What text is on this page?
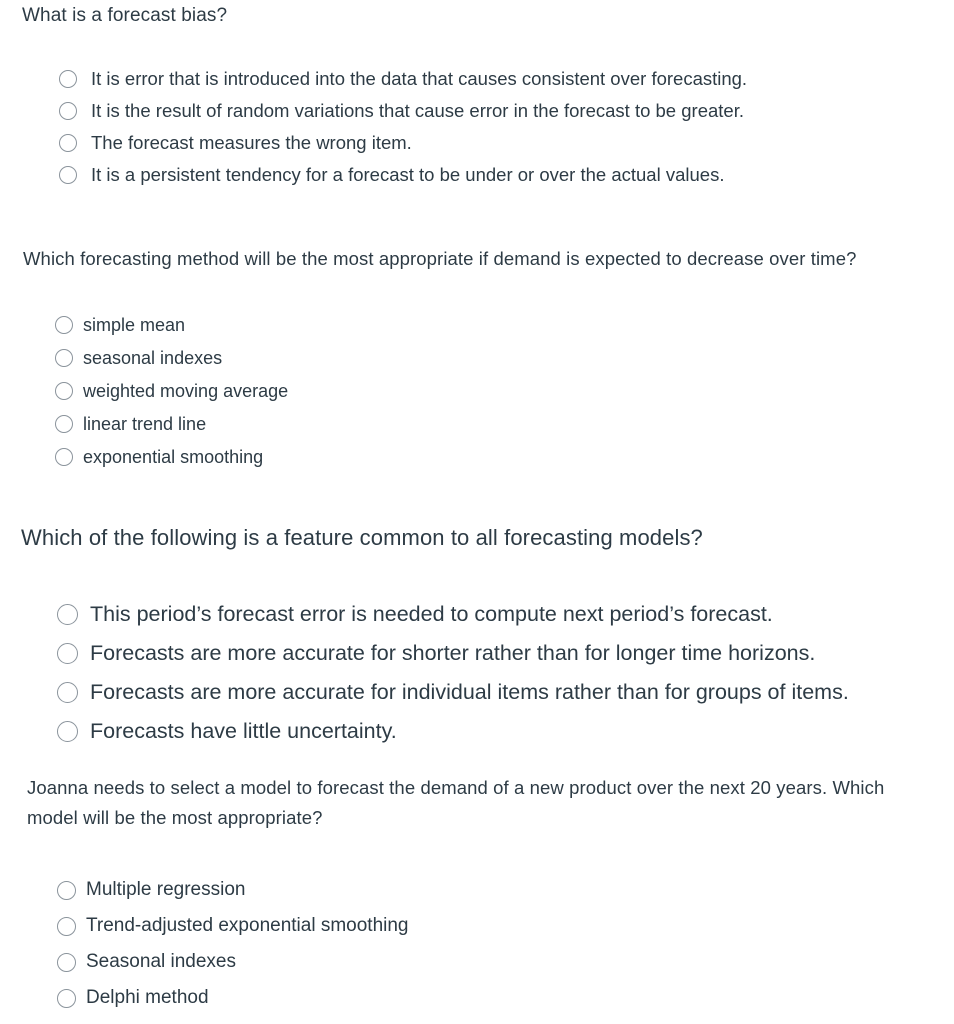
What is a forecast bias?
It is error that is introduced into the data that causes consistent over forecasting.
It is the result of random variations that cause error in the forecast to be greater.
The forecast measures the wrong item.
It is a persistent tendency for a forecast to be under or over the actual values.
Which forecasting method will be the most appropriate if demand is expected to decrease over time?
simple mean
seasonal indexes
weighted moving average
linear trend line
exponential smoothing
Which of the following is a feature common to all forecasting models?
This period’s forecast error is needed to compute next period’s forecast.
Forecasts are more accurate for shorter rather than for longer time horizons.
Forecasts are more accurate for individual items rather than for groups of items.
Forecasts have little uncertainty.
Joanna needs to select a model to forecast the demand of a new product over the next 20 years. Which
model will be the most appropriate?
Multiple regression
Trend-adjusted exponential smoothing
Seasonal indexes
Delphi method
